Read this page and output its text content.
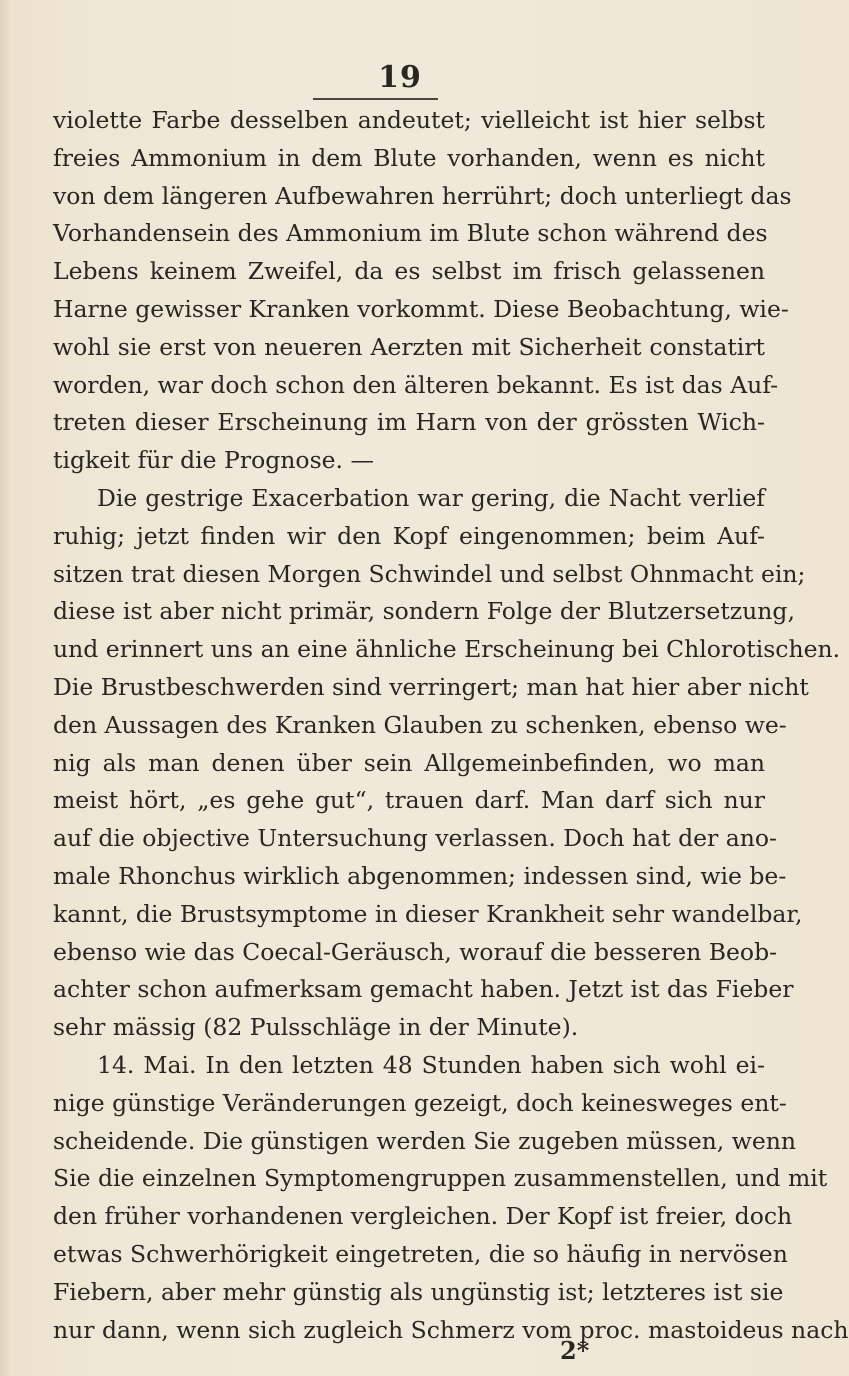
19
violette Farbe desselben andeutet; vielleicht ist hier selbst
freies Ammonium in dem Blute vorhanden, wenn es nicht
von dem längeren Aufbewahren herrührt; doch unterliegt das
Vorhandensein des Ammonium im Blute schon während des
Lebens keinem Zweifel, da es selbst im frisch gelassenen
Harne gewisser Kranken vorkommt. Diese Beobachtung, wie-
wohl sie erst von neueren Aerzten mit Sicherheit constatirt
worden, war doch schon den älteren bekannt. Es ist das Auf-
treten dieser Erscheinung im Harn von der grössten Wich-
tigkeit für die Prognose. —
Die gestrige Exacerbation war gering, die Nacht verlief
ruhig; jetzt finden wir den Kopf eingenommen; beim Auf-
sitzen trat diesen Morgen Schwindel und selbst Ohnmacht ein;
diese ist aber nicht primär, sondern Folge der Blutzersetzung,
und erinnert uns an eine ähnliche Erscheinung bei Chlorotischen.
Die Brustbeschwerden sind verringert; man hat hier aber nicht
den Aussagen des Kranken Glauben zu schenken, ebenso we-
nig als man denen über sein Allgemeinbefinden, wo man
meist hört, „es gehe gut“, trauen darf. Man darf sich nur
auf die objective Untersuchung verlassen. Doch hat der ano-
male Rhonchus wirklich abgenommen; indessen sind, wie be-
kannt, die Brustsymptome in dieser Krankheit sehr wandelbar,
ebenso wie das Coecal-Geräusch, worauf die besseren Beob-
achter schon aufmerksam gemacht haben. Jetzt ist das Fieber
sehr mässig (82 Pulsschläge in der Minute).
14. Mai. In den letzten 48 Stunden haben sich wohl ei-
nige günstige Veränderungen gezeigt, doch keinesweges ent-
scheidende. Die günstigen werden Sie zugeben müssen, wenn
Sie die einzelnen Symptomengruppen zusammenstellen, und mit
den früher vorhandenen vergleichen. Der Kopf ist freier, doch
etwas Schwerhörigkeit eingetreten, die so häufig in nervösen
Fiebern, aber mehr günstig als ungünstig ist; letzteres ist sie
nur dann, wenn sich zugleich Schmerz vom proc. mastoideus nach
2*
